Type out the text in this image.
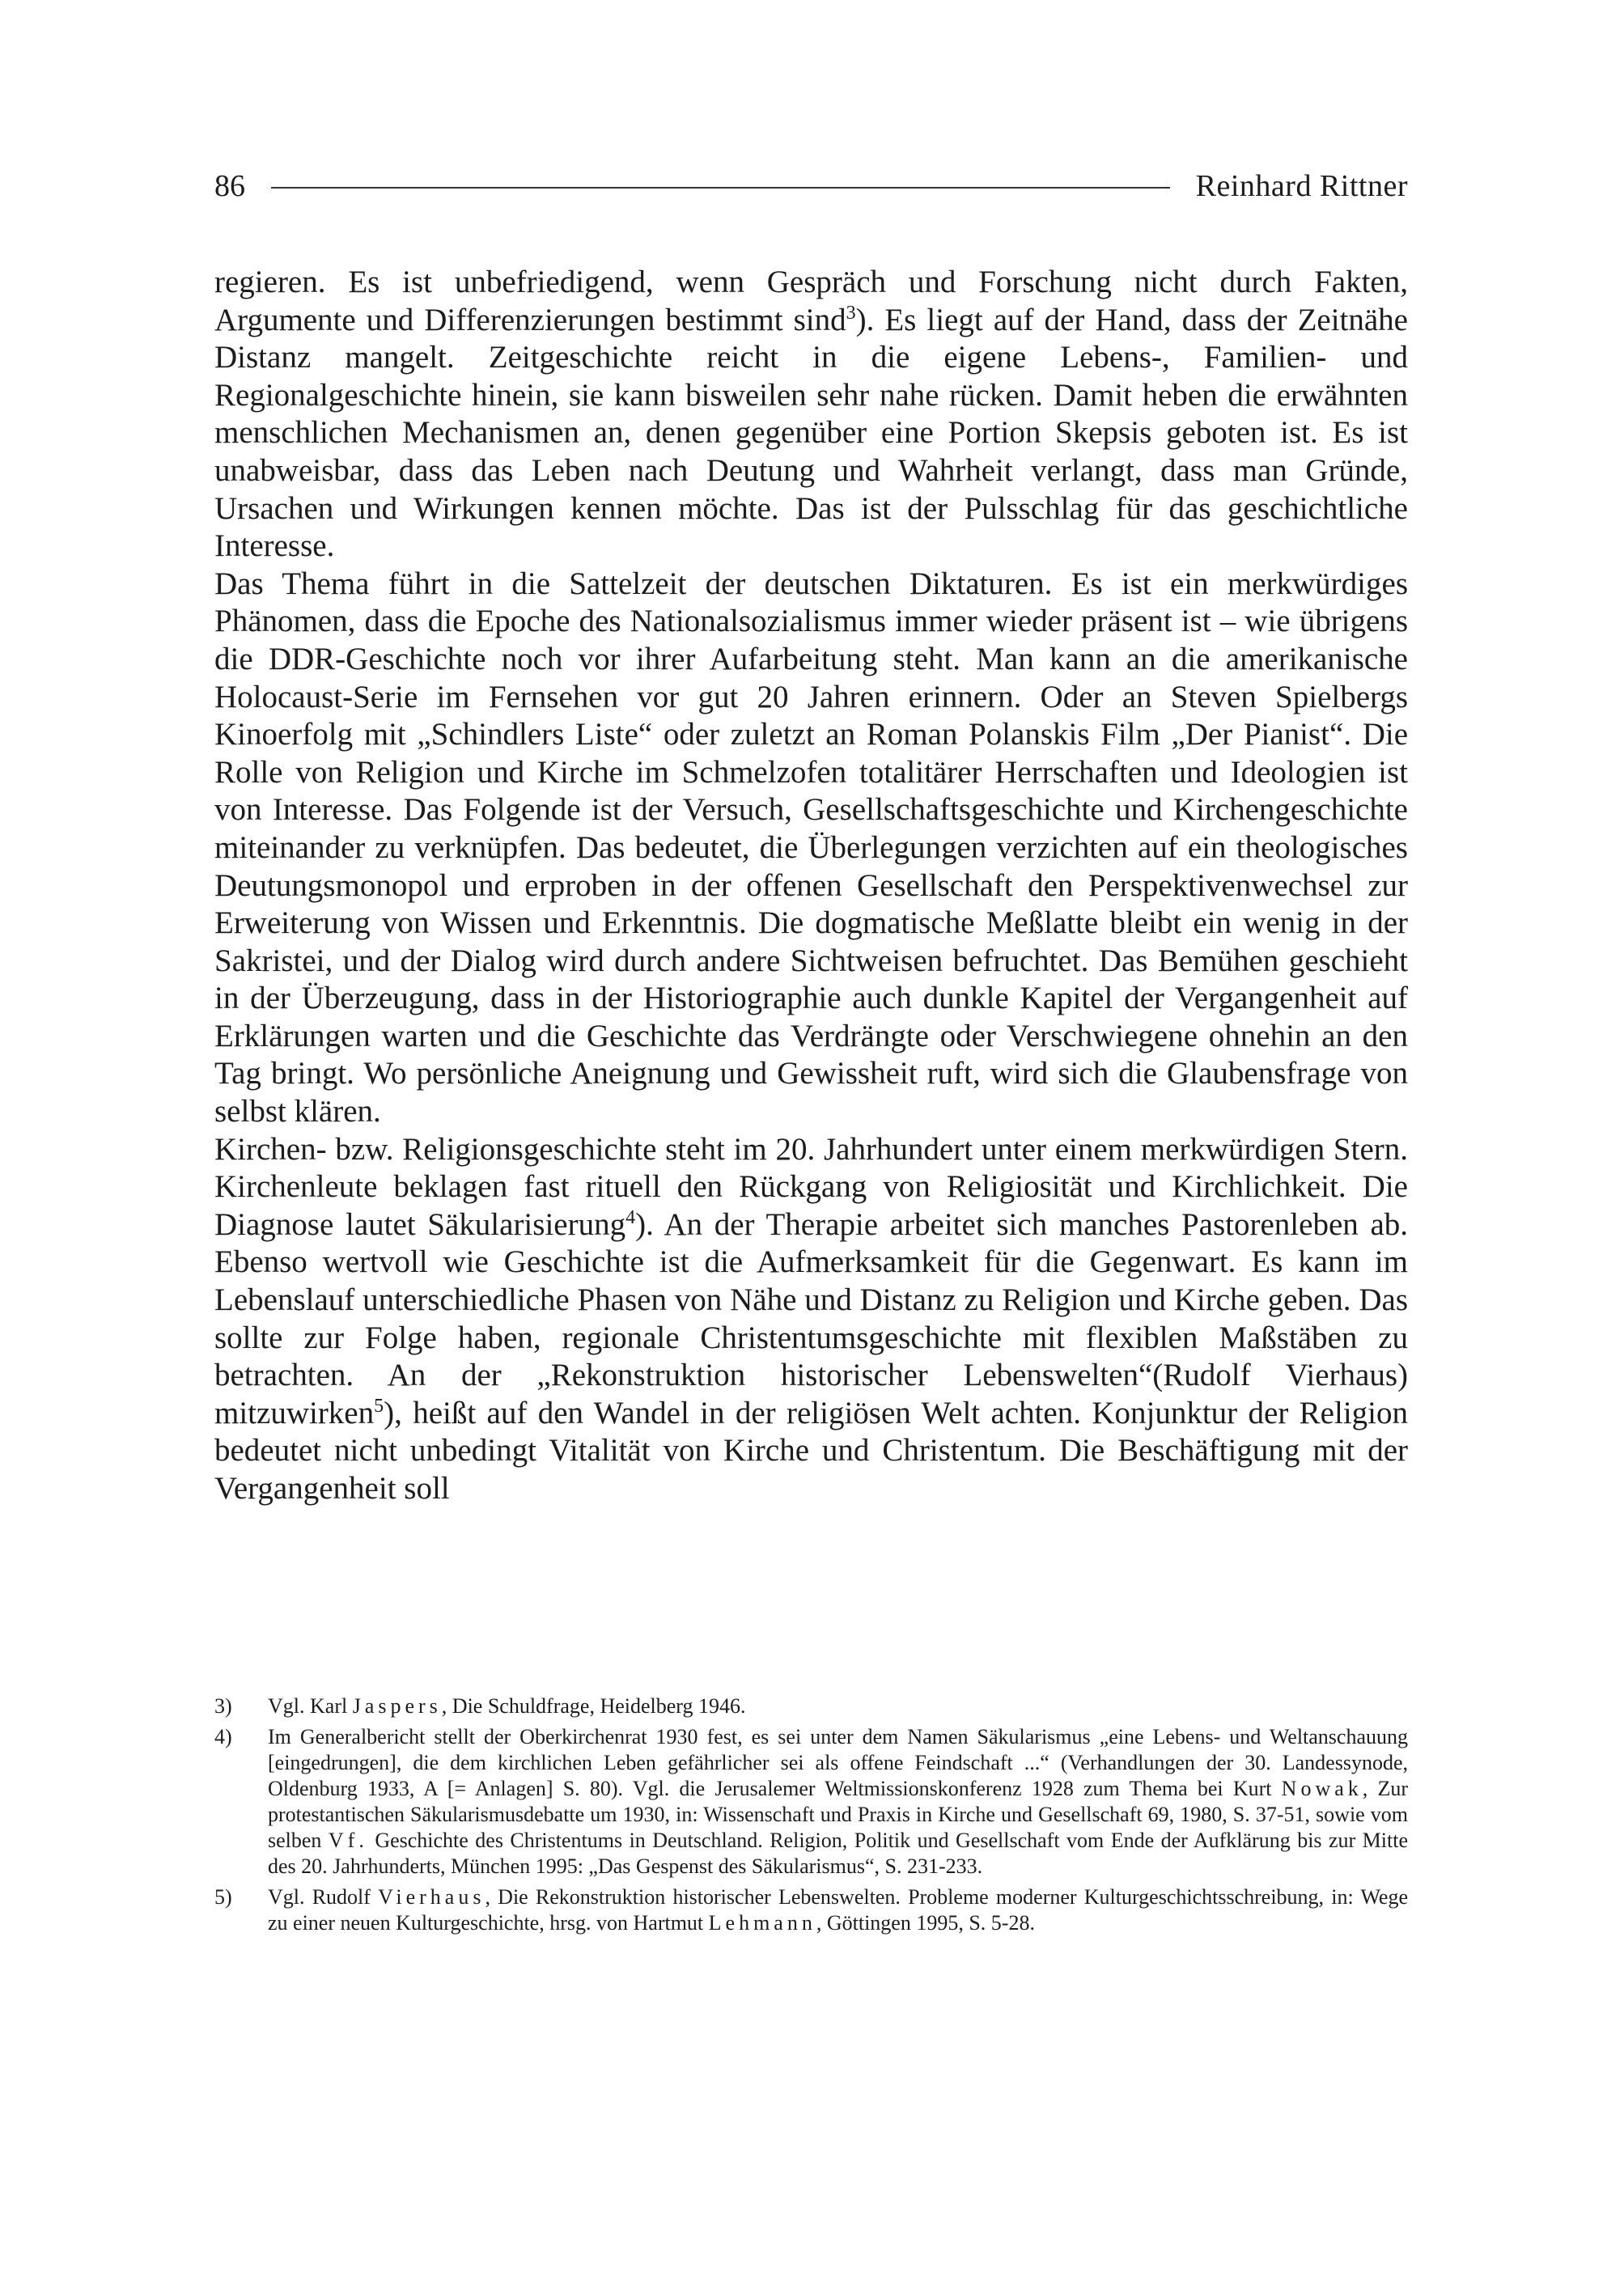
86	Reinhard Rittner

regieren. Es ist unbefriedigend, wenn Gespräch und Forschung nicht durch Fakten, Argumente und Differenzierungen bestimmt sind$^3$). Es liegt auf der Hand, dass der Zeitnähe Distanz mangelt. Zeitgeschichte reicht in die eigene Lebens-, Familien- und Regionalgeschichte hinein, sie kann bisweilen sehr nahe rücken. Damit heben die erwähnten menschlichen Mechanismen an, denen gegenüber eine Portion Skepsis geboten ist. Es ist unabweisbar, dass das Leben nach Deutung und Wahrheit verlangt, dass man Gründe, Ursachen und Wirkungen kennen möchte. Das ist der Pulsschlag für das geschichtliche Interesse.

Das Thema führt in die Sattelzeit der deutschen Diktaturen. Es ist ein merkwürdiges Phänomen, dass die Epoche des Nationalsozialismus immer wieder präsent ist – wie übrigens die DDR-Geschichte noch vor ihrer Aufarbeitung steht. Man kann an die amerikanische Holocaust-Serie im Fernsehen vor gut 20 Jahren erinnern. Oder an Steven Spielbergs Kinoerfolg mit „Schindlers Liste“ oder zuletzt an Roman Polanskis Film „Der Pianist“. Die Rolle von Religion und Kirche im Schmelzofen totalitärer Herrschaften und Ideologien ist von Interesse. Das Folgende ist der Versuch, Gesellschaftsgeschichte und Kirchengeschichte miteinander zu verknüpfen. Das bedeutet, die Überlegungen verzichten auf ein theologisches Deutungsmonopol und erproben in der offenen Gesellschaft den Perspektivenwechsel zur Erweiterung von Wissen und Erkenntnis. Die dogmatische Meßlatte bleibt ein wenig in der Sakristei, und der Dialog wird durch andere Sichtweisen befruchtet. Das Bemühen geschieht in der Überzeugung, dass in der Historiographie auch dunkle Kapitel der Vergangenheit auf Erklärungen warten und die Geschichte das Verdrängte oder Verschwiegene ohnehin an den Tag bringt. Wo persönliche Aneignung und Gewissheit ruft, wird sich die Glaubensfrage von selbst klären.

Kirchen- bzw. Religionsgeschichte steht im 20. Jahrhundert unter einem merkwürdigen Stern. Kirchenleute beklagen fast rituell den Rückgang von Religiosität und Kirchlichkeit. Die Diagnose lautet Säkularisierung$^4$). An der Therapie arbeitet sich manches Pastorenleben ab. Ebenso wertvoll wie Geschichte ist die Aufmerksamkeit für die Gegenwart. Es kann im Lebenslauf unterschiedliche Phasen von Nähe und Distanz zu Religion und Kirche geben. Das sollte zur Folge haben, regionale Christentumsgeschichte mit flexiblen Maßstäben zu betrachten. An der „Rekonstruktion historischer Lebenswelten“(Rudolf Vierhaus) mitzuwirken$^5$), heißt auf den Wandel in der religiösen Welt achten. Konjunktur der Religion bedeutet nicht unbedingt Vitalität von Kirche und Christentum. Die Beschäftigung mit der Vergangenheit soll

3)	Vgl. Karl Jaspers, Die Schuldfrage, Heidelberg 1946.
4)	Im Generalbericht stellt der Oberkirchenrat 1930 fest, es sei unter dem Namen Säkularismus „eine Lebens- und Weltanschauung [eingedrungen], die dem kirchlichen Leben gefährlicher sei als offene Feindschaft ...“ (Verhandlungen der 30. Landessynode, Oldenburg 1933, A [= Anlagen] S. 80). Vgl. die Jerusalemer Weltmissionskonferenz 1928 zum Thema bei Kurt Nowak, Zur protestantischen Säkularismusdebatte um 1930, in: Wissenschaft und Praxis in Kirche und Gesellschaft 69, 1980, S. 37-51, sowie vom selben Vf. Geschichte des Christentums in Deutschland. Religion, Politik und Gesellschaft vom Ende der Aufklärung bis zur Mitte des 20. Jahrhunderts, München 1995: „Das Gespenst des Säkularismus“, S. 231-233.
5)	Vgl. Rudolf Vierhaus, Die Rekonstruktion historischer Lebenswelten. Probleme moderner Kulturgeschichtsschreibung, in: Wege zu einer neuen Kulturgeschichte, hrsg. von Hartmut Lehmann, Göttingen 1995, S. 5-28.
